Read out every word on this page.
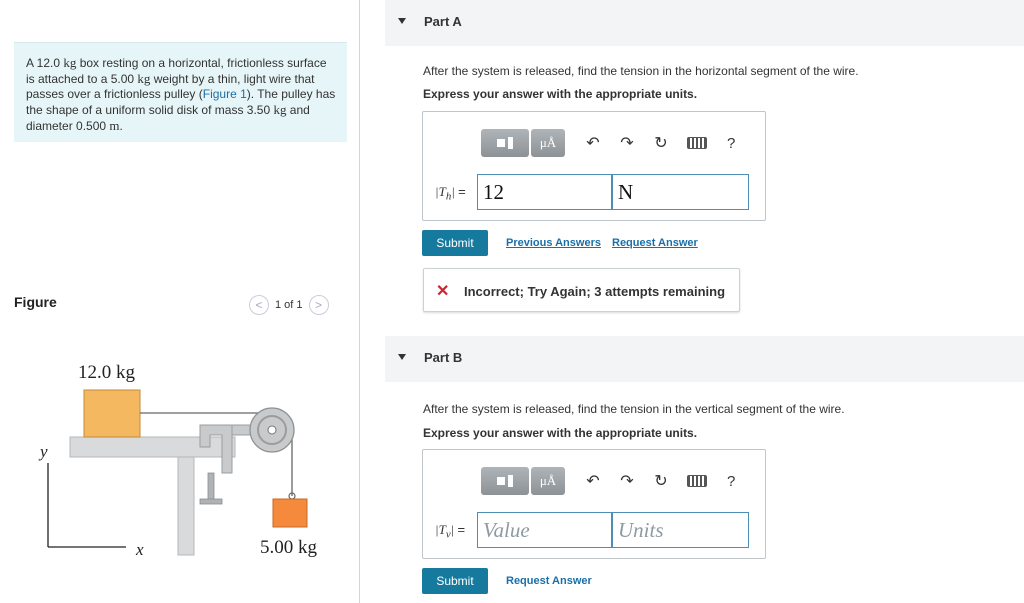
A 12.0 kg box resting on a horizontal, frictionless surface is attached to a 5.00 kg weight by a thin, light wire that passes over a frictionless pulley (Figure 1). The pulley has the shape of a uniform solid disk of mass 3.50 kg and diameter 0.500 m.
Figure	<	1 of 1	>
y
x
12.0 kg
5.00 kg
Part A
After the system is released, find the tension in the horizontal segment of the wire.
Express your answer with the appropriate units.
μÅ	↶	↷	↻	?
$|T_h| = 12$	N
Submit	Previous Answers Request Answer
✕ Incorrect; Try Again; 3 attempts remaining
Part B
After the system is released, find the tension in the vertical segment of the wire.
Express your answer with the appropriate units.
μÅ	↶	↷	↻	?
$|T_v|$ = Value	Units
Submit	Request Answer
